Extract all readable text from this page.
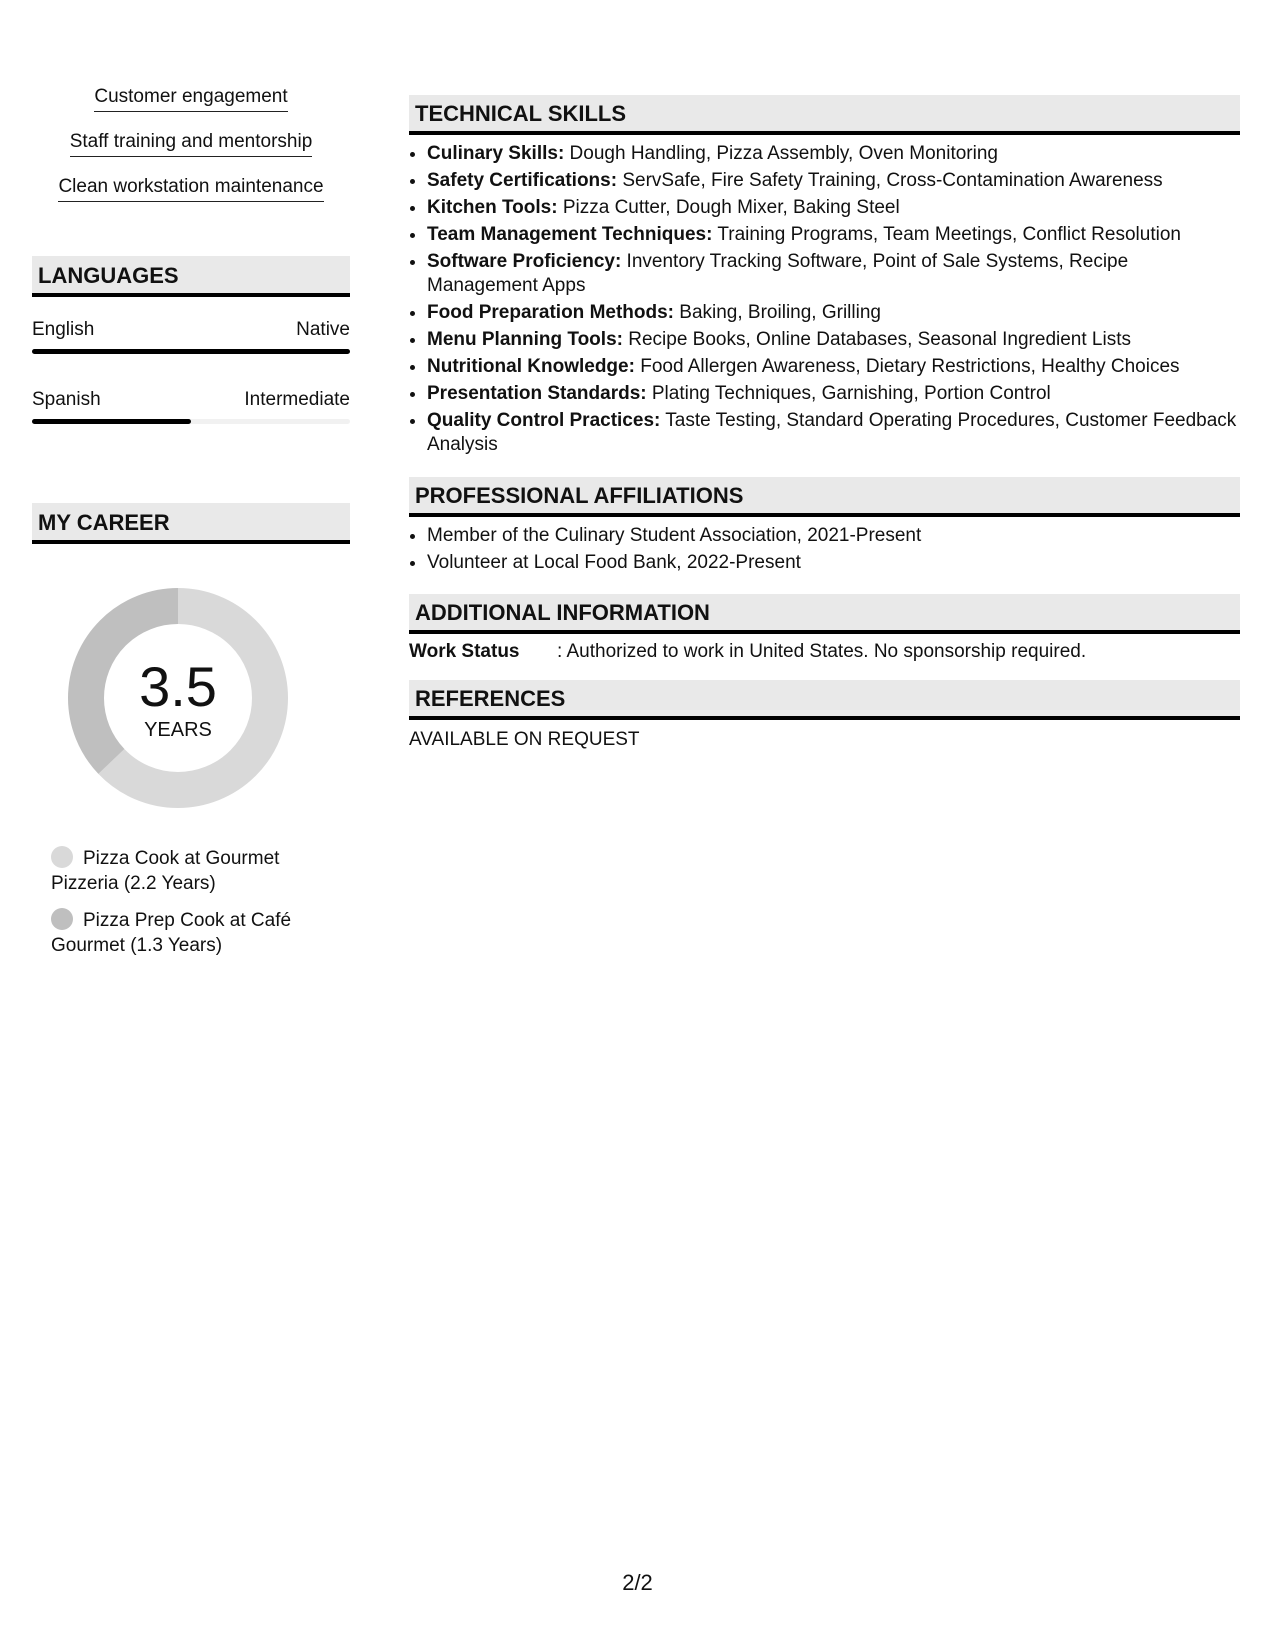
Customer engagement
Staff training and mentorship
Clean workstation maintenance
LANGUAGES
English	Native
Spanish	Intermediate
MY CAREER
3.5
YEARS
Pizza Cook at Gourmet Pizzeria (2.2 Years)
Pizza Prep Cook at Café Gourmet (1.3 Years)
TECHNICAL SKILLS
• Culinary Skills: Dough Handling, Pizza Assembly, Oven Monitoring
• Safety Certifications: ServSafe, Fire Safety Training, Cross-Contamination Awareness
• Kitchen Tools: Pizza Cutter, Dough Mixer, Baking Steel
• Team Management Techniques: Training Programs, Team Meetings, Conflict Resolution
• Software Proficiency: Inventory Tracking Software, Point of Sale Systems, Recipe Management Apps
• Food Preparation Methods: Baking, Broiling, Grilling
• Menu Planning Tools: Recipe Books, Online Databases, Seasonal Ingredient Lists
• Nutritional Knowledge: Food Allergen Awareness, Dietary Restrictions, Healthy Choices
• Presentation Standards: Plating Techniques, Garnishing, Portion Control
• Quality Control Practices: Taste Testing, Standard Operating Procedures, Customer Feedback Analysis
PROFESSIONAL AFFILIATIONS
• Member of the Culinary Student Association, 2021-Present
• Volunteer at Local Food Bank, 2022-Present
ADDITIONAL INFORMATION
Work Status : Authorized to work in United States. No sponsorship required.
REFERENCES
AVAILABLE ON REQUEST
2/2
